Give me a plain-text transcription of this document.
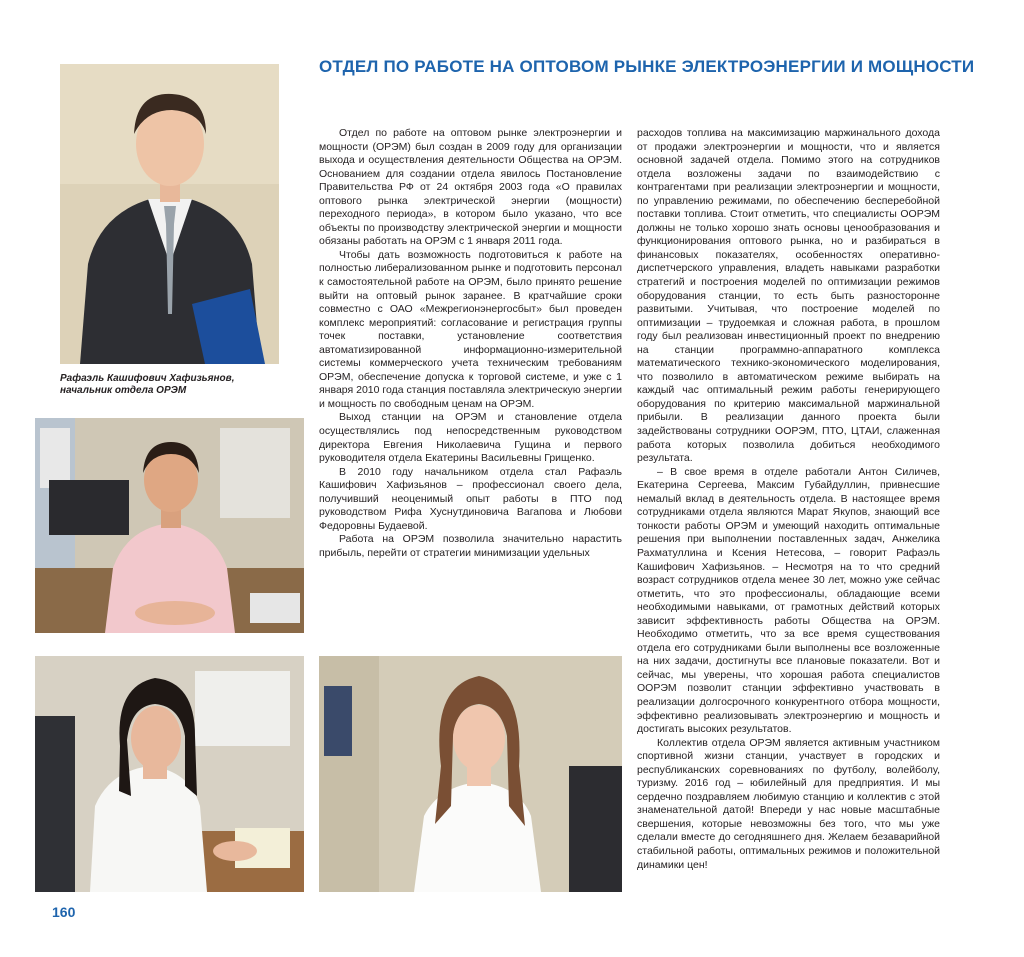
ОТДЕЛ ПО РАБОТЕ НА ОПТОВОМ РЫНКЕ ЭЛЕКТРОЭНЕРГИИ И МОЩНОСТИ
Рафаэль Кашифович Хафизьянов,
начальник отдела ОРЭМ

Отдел по работе на оптовом рынке электроэнергии и мощности (ОРЭМ) был создан в 2009 году для организации выхода и осуществления деятельности Общества на ОРЭМ. Основанием для создании отдела явилось Постановление Правительства РФ от 24 октября 2003 года «О правилах оптового рынка электрической энергии (мощности) переходного периода», в котором было указано, что все объекты по производству электрической энергии и мощности обязаны работать на ОРЭМ с 1 января 2011 года.

Чтобы дать возможность подготовиться к работе на полностью либерализованном рынке и подготовить персонал к самостоятельной работе на ОРЭМ, было принято решение выйти на оптовый рынок заранее. В кратчайшие сроки совместно с ОАО «Межрегионэнергосбыт» был проведен комплекс мероприятий: согласование и регистрация группы точек поставки, установление соответствия автоматизированной информационно-измерительной системы коммерческого учета техническим требованиям ОРЭМ, обеспечение допуска к торговой системе, и уже с 1 января 2010 года станция поставляла электрическую энергии и мощность по свободным ценам на ОРЭМ.

Выход станции на ОРЭМ и становление отдела осуществлялись под непосредственным руководством директора Евгения Николаевича Гущина и первого руководителя отдела Екатерины Васильевны Грищенко.

В 2010 году начальником отдела стал Рафаэль Кашифович Хафизьянов – профессионал своего дела, получивший неоценимый опыт работы в ПТО под руководством Рифа Хуснутдиновича Вагапова и Любови Федоровны Будаевой.

Работа на ОРЭМ позволила значительно нарастить прибыль, перейти от стратегии минимизации удельных

расходов топлива на максимизацию маржинального дохода от продажи электроэнергии и мощности, что и является основной задачей отдела. Помимо этого на сотрудников отдела возложены задачи по взаимодействию с контрагентами при реализации электроэнергии и мощности, по управлению режимами, по обеспечению бесперебойной поставки топлива. Стоит отметить, что специалисты ООРЭМ должны не только хорошо знать основы ценообразования и функционирования оптового рынка, но и разбираться в финансовых показателях, особенностях оперативно-диспетчерского управления, владеть навыками разработки стратегий и построения моделей по оптимизации режимов оборудования станции, то есть быть разносторонне развитыми. Учитывая, что построение моделей по оптимизации – трудоемкая и сложная работа, в прошлом году был реализован инвестиционный проект по внедрению на станции программно-аппаратного комплекса математического технико-экономического моделирования, что позволило в автоматическом режиме выбирать на каждый час оптимальный режим работы генерирующего оборудования по критерию максимальной маржинальной прибыли. В реализации данного проекта были задействованы сотрудники ООРЭМ, ПТО, ЦТАИ, слаженная работа которых позволила добиться необходимого результата.

– В свое время в отделе работали Антон Силичев, Екатерина Сергеева, Максим Губайдуллин, привнесшие немалый вклад в деятельность отдела. В настоящее время сотрудниками отдела являются Марат Якупов, знающий все тонкости работы ОРЭМ и умеющий находить оптимальные решения при выполнении поставленных задач, Анжелика Рахматуллина и Ксения Нетесова, – говорит Рафаэль Кашифович Хафизьянов. – Несмотря на то что средний возраст сотрудников отдела менее 30 лет, можно уже сейчас отметить, что это профессионалы, обладающие всеми необходимыми навыками, от грамотных действий которых зависит эффективность работы Общества на ОРЭМ. Необходимо отметить, что за все время существования отдела его сотрудниками были выполнены все возложенные на них задачи, достигнуты все плановые показатели. Вот и сейчас, мы уверены, что хорошая работа специалистов ООРЭМ позволит станции эффективно участвовать в реализации долгосрочного конкурентного отбора мощности, эффективно реализовывать электроэнергию и мощность и достигать высоких результатов.

Коллектив отдела ОРЭМ является активным участником спортивной жизни станции, участвует в городских и республиканских соревнованиях по футболу, волейболу, туризму. 2016 год – юбилейный для предприятия. И мы сердечно поздравляем любимую станцию и коллектив с этой знаменательной датой! Впереди у нас новые масштабные свершения, которые невозможны без того, что мы уже сделали вместе до сегодняшнего дня. Желаем безаварийной стабильной работы, оптимальных режимов и положительной динамики цен!

160
